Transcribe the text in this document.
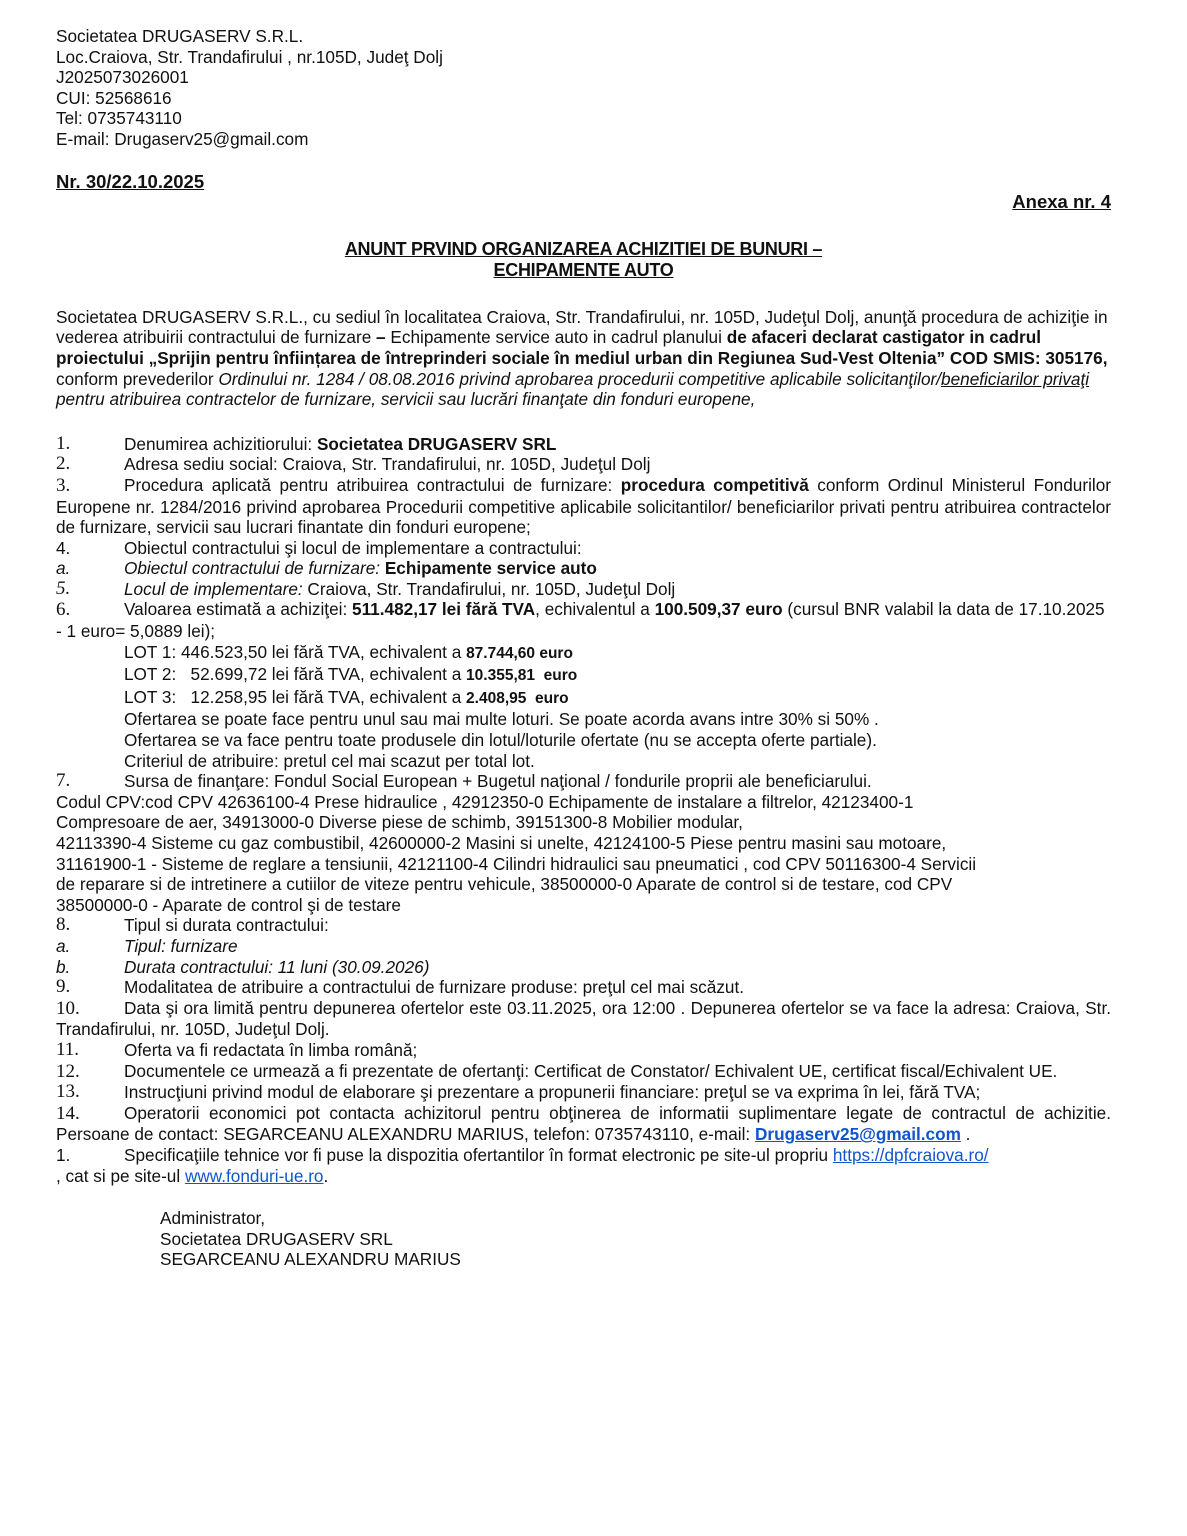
Societatea DRUGASERV S.R.L.
Loc.Craiova, Str. Trandafirului , nr.105D, Judeţ Dolj
J2025073026001
CUI: 52568616
Tel: 0735743110
E-mail: Drugaserv25@gmail.com
Nr. 30/22.10.2025
Anexa nr. 4
ANUNT PRVIND ORGANIZAREA ACHIZITIEI DE BUNURI –
ECHIPAMENTE AUTO
Societatea DRUGASERV S.R.L., cu sediul în localitatea Craiova, Str. Trandafirului, nr. 105D, Judeţul Dolj, anunţă procedura de achiziţie in vederea atribuirii contractului de furnizare – Echipamente service auto in cadrul planului de afaceri declarat castigator in cadrul proiectului „Sprijin pentru înființarea de întreprinderi sociale în mediul urban din Regiunea Sud-Vest Oltenia” COD SMIS: 305176, conform prevederilor Ordinului nr. 1284 / 08.08.2016 privind aprobarea procedurii competitive aplicabile solicitanţilor/beneficiarilor privaţi pentru atribuirea contractelor de furnizare, servicii sau lucrări finanţate din fonduri europene,
1.	Denumirea achizitiorului: Societatea DRUGASERV SRL
2.	Adresa sediu social: Craiova, Str. Trandafirului, nr. 105D, Judeţul Dolj
3.	Procedura aplicată pentru atribuirea contractului de furnizare: procedura competitivă conform Ordinul Ministerul Fondurilor Europene nr. 1284/2016 privind aprobarea Procedurii competitive aplicabile solicitantilor/ beneficiarilor privati pentru atribuirea contractelor de furnizare, servicii sau lucrari finantate din fonduri europene;
4.	Obiectul contractului şi locul de implementare a contractului:
a.	Obiectul contractului de furnizare: Echipamente service auto
5.	Locul de implementare: Craiova, Str. Trandafirului, nr. 105D, Judeţul Dolj
6.	Valoarea estimată a achiziţei: 511.482,17 lei fără TVA, echivalentul a 100.509,37 euro (cursul BNR valabil la data de 17.10.2025 - 1 euro= 5,0889 lei);
LOT 1: 446.523,50 lei fără TVA, echivalent a 87.744,60 euro
LOT 2:   52.699,72 lei fără TVA, echivalent a 10.355,81  euro
LOT 3:   12.258,95 lei fără TVA, echivalent a 2.408,95  euro
Ofertarea se poate face pentru unul sau mai multe loturi. Se poate acorda avans intre 30% si 50% .
Ofertarea se va face pentru toate produsele din lotul/loturile ofertate (nu se accepta oferte partiale).
Criteriul de atribuire: pretul cel mai scazut per total lot.
7.	Sursa de finanţare: Fondul Social European + Bugetul naţional / fondurile proprii ale beneficiarului.
Codul CPV:cod CPV 42636100-4 Prese hidraulice , 42912350-0 Echipamente de instalare a filtrelor, 42123400-1
Compresoare de aer, 34913000-0 Diverse piese de schimb, 39151300-8 Mobilier modular,
42113390-4 Sisteme cu gaz combustibil, 42600000-2 Masini si unelte, 42124100-5 Piese pentru masini sau motoare,
31161900-1 - Sisteme de reglare a tensiunii, 42121100-4 Cilindri hidraulici sau pneumatici , cod CPV 50116300-4 Servicii
de reparare si de intretinere a cutiilor de viteze pentru vehicule, 38500000-0 Aparate de control si de testare, cod CPV
38500000-0 - Aparate de control şi de testare
8.	Tipul si durata contractului:
a.	Tipul: furnizare
b.	Durata contractului: 11 luni (30.09.2026)
9.	Modalitatea de atribuire a contractului de furnizare produse: preţul cel mai scăzut.
10.	Data şi ora limită pentru depunerea ofertelor este 03.11.2025, ora 12:00 . Depunerea ofertelor se va face la adresa: Craiova, Str. Trandafirului, nr. 105D, Judeţul Dolj.
11.	Oferta va fi redactata în limba română;
12.	Documentele ce urmează a fi prezentate de ofertanţi: Certificat de Constator/ Echivalent UE, certificat fiscal/Echivalent UE.
13.	Instrucţiuni privind modul de elaborare şi prezentare a propunerii financiare: preţul se va exprima în lei, fără TVA;
14.	Operatorii economici pot contacta achizitorul pentru obţinerea de informatii suplimentare legate de contractul de achizitie. Persoane de contact: SEGARCEANU ALEXANDRU MARIUS, telefon: 0735743110, e-mail: Drugaserv25@gmail.com .
1.	Specificaţiile tehnice vor fi puse la dispozitia ofertantilor în format electronic pe site-ul propriu https://dpfcraiova.ro/
, cat si pe site-ul www.fonduri-ue.ro.
Administrator,
Societatea DRUGASERV SRL
SEGARCEANU ALEXANDRU MARIUS
